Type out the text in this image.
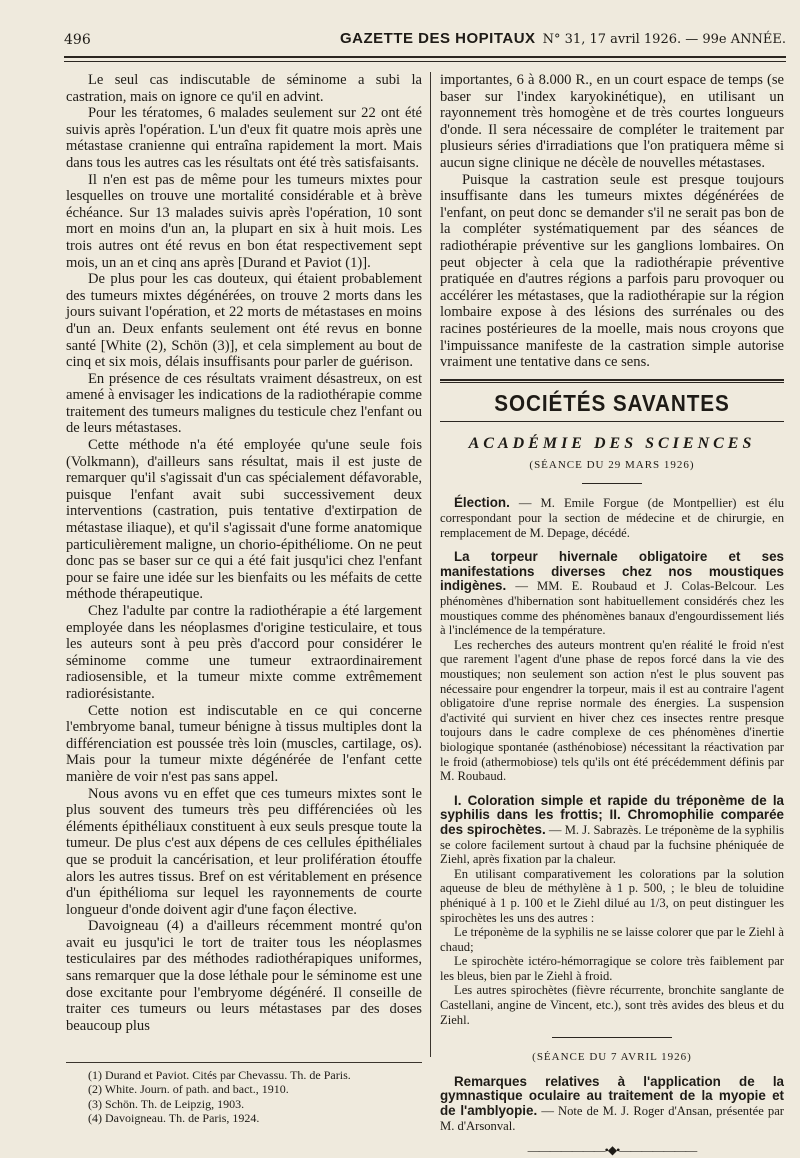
496	GAZETTE DES HOPITAUX N° 31, 17 avril 1926. — 99e ANNÉE.

Le seul cas indiscutable de séminome a subi la castration, mais on ignore ce qu'il en advint.

Pour les tératomes, 6 malades seulement sur 22 ont été suivis après l'opération. L'un d'eux fit quatre mois après une métastase cranienne qui entraîna rapidement la mort. Mais dans tous les autres cas les résultats ont été très satisfaisants.

Il n'en est pas de même pour les tumeurs mixtes pour lesquelles on trouve une mortalité considérable et à brève échéance. Sur 13 malades suivis après l'opération, 10 sont mort en moins d'un an, la plupart en six à huit mois. Les trois autres ont été revus en bon état respectivement sept mois, un an et cinq ans après [Durand et Paviot (1)].

De plus pour les cas douteux, qui étaient probablement des tumeurs mixtes dégénérées, on trouve 2 morts dans les jours suivant l'opération, et 22 morts de métastases en moins d'un an. Deux enfants seulement ont été revus en bonne santé [White (2), Schön (3)], et cela simplement au bout de cinq et six mois, délais insuffisants pour parler de guérison.

En présence de ces résultats vraiment désastreux, on est amené à envisager les indications de la radiothérapie comme traitement des tumeurs malignes du testicule chez l'enfant ou de leurs métastases.

Cette méthode n'a été employée qu'une seule fois (Volkmann), d'ailleurs sans résultat, mais il est juste de remarquer qu'il s'agissait d'un cas spécialement défavorable, puisque l'enfant avait subi successivement deux interventions (castration, puis tentative d'extirpation de métastase iliaque), et qu'il s'agissait d'une forme anatomique particulièrement maligne, un chorio-épithéliome. On ne peut donc pas se baser sur ce qui a été fait jusqu'ici chez l'enfant pour se faire une idée sur les bienfaits ou les méfaits de cette méthode thérapeutique.

Chez l'adulte par contre la radiothérapie a été largement employée dans les néoplasmes d'origine testiculaire, et tous les auteurs sont à peu près d'accord pour considérer le séminome comme une tumeur extraordinairement radiosensible, et la tumeur mixte comme extrêmement radiorésistante.

Cette notion est indiscutable en ce qui concerne l'embryome banal, tumeur bénigne à tissus multiples dont la différenciation est poussée très loin (muscles, cartilage, os). Mais pour la tumeur mixte dégénérée de l'enfant cette manière de voir n'est pas sans appel.

Nous avons vu en effet que ces tumeurs mixtes sont le plus souvent des tumeurs très peu différenciées où les éléments épithéliaux constituent à eux seuls presque toute la tumeur. De plus c'est aux dépens de ces cellules épithéliales que se produit la cancérisation, et leur prolifération étouffe alors les autres tissus. Bref on est véritablement en présence d'un épithélioma sur lequel les rayonnements de courte longueur d'onde doivent agir d'une façon élective.

Davoigneau (4) a d'ailleurs récemment montré qu'on avait eu jusqu'ici le tort de traiter tous les néoplasmes testiculaires par des méthodes radiothérapiques uniformes, sans remarquer que la dose léthale pour le séminome est une dose excitante pour l'embryome dégénéré. Il conseille de traiter ces tumeurs ou leurs métastases par des doses beaucoup plus

(1) Durand et Paviot. Cités par Chevassu. Th. de Paris.

(2) White. Journ. of path. and bact., 1910.

(3) Schön. Th. de Leipzig, 1903.

(4) Davoigneau. Th. de Paris, 1924.

importantes, 6 à 8.000 R., en un court espace de temps (se baser sur l'index karyokinétique), en utilisant un rayonnement très homogène et de très courtes longueurs d'onde. Il sera nécessaire de compléter le traitement par plusieurs séries d'irradiations que l'on pratiquera même si aucun signe clinique ne décèle de nouvelles métastases.

Puisque la castration seule est presque toujours insuffisante dans les tumeurs mixtes dégénérées de l'enfant, on peut donc se demander s'il ne serait pas bon de la compléter systématiquement par des séances de radiothérapie préventive sur les ganglions lombaires. On peut objecter à cela que la radiothérapie préventive pratiquée en d'autres régions a parfois paru provoquer ou accélérer les métastases, que la radiothérapie sur la région lombaire expose à des lésions des surrénales ou des racines postérieures de la moelle, mais nous croyons que l'impuissance manifeste de la castration simple autorise vraiment une tentative dans ce sens.

SOCIÉTÉS SAVANTES
ACADÉMIE DES SCIENCES
(SÉANCE DU 29 MARS 1926)

Élection. — M. Emile Forgue (de Montpellier) est élu correspondant pour la section de médecine et de chirurgie, en remplacement de M. Depage, décédé.

La torpeur hivernale obligatoire et ses manifestations diverses chez nos moustiques indigènes. — MM. E. Roubaud et J. Colas-Belcour. Les phénomènes d'hibernation sont habituellement considérés chez les moustiques comme des phénomènes banaux d'engourdissement liés à l'inclémence de la température.

Les recherches des auteurs montrent qu'en réalité le froid n'est que rarement l'agent d'une phase de repos forcé dans la vie des moustiques; non seulement son action n'est le plus souvent pas nécessaire pour engendrer la torpeur, mais il est au contraire l'agent obligatoire d'une reprise normale des énergies. La suspension d'activité qui survient en hiver chez ces insectes rentre presque toujours dans le cadre complexe de ces phénomènes d'inertie biologique spontanée (asthénobiose) nécessitant la réactivation par le froid (athermobiose) tels qu'ils ont été précédemment définis par M. Roubaud.

I. Coloration simple et rapide du tréponème de la syphilis dans les frottis; II. Chromophilie comparée des spirochètes. — M. J. Sabrazès. Le tréponème de la syphilis se colore facilement surtout à chaud par la fuchsine phéniquée de Ziehl, après fixation par la chaleur.

En utilisant comparativement les colorations par la solution aqueuse de bleu de méthylène à 1 p. 500, ; le bleu de toluidine phéniqué à 1 p. 100 et le Ziehl dilué au 1/3, on peut distinguer les spirochètes les uns des autres :

Le tréponème de la syphilis ne se laisse colorer que par le Ziehl à chaud;

Le spirochète ictéro-hémorragique se colore très faiblement par les bleus, bien par le Ziehl à froid.

Les autres spirochètes (fièvre récurrente, bronchite sanglante de Castellani, angine de Vincent, etc.), sont très avides des bleus et du Ziehl.

(SÉANCE DU 7 AVRIL 1926)

Remarques relatives à l'application de la gymnastique oculaire au traitement de la myopie et de l'amblyopie. — Note de M. J. Roger d'Ansan, présentée par M. d'Arsonval.

———————•◆•———————
